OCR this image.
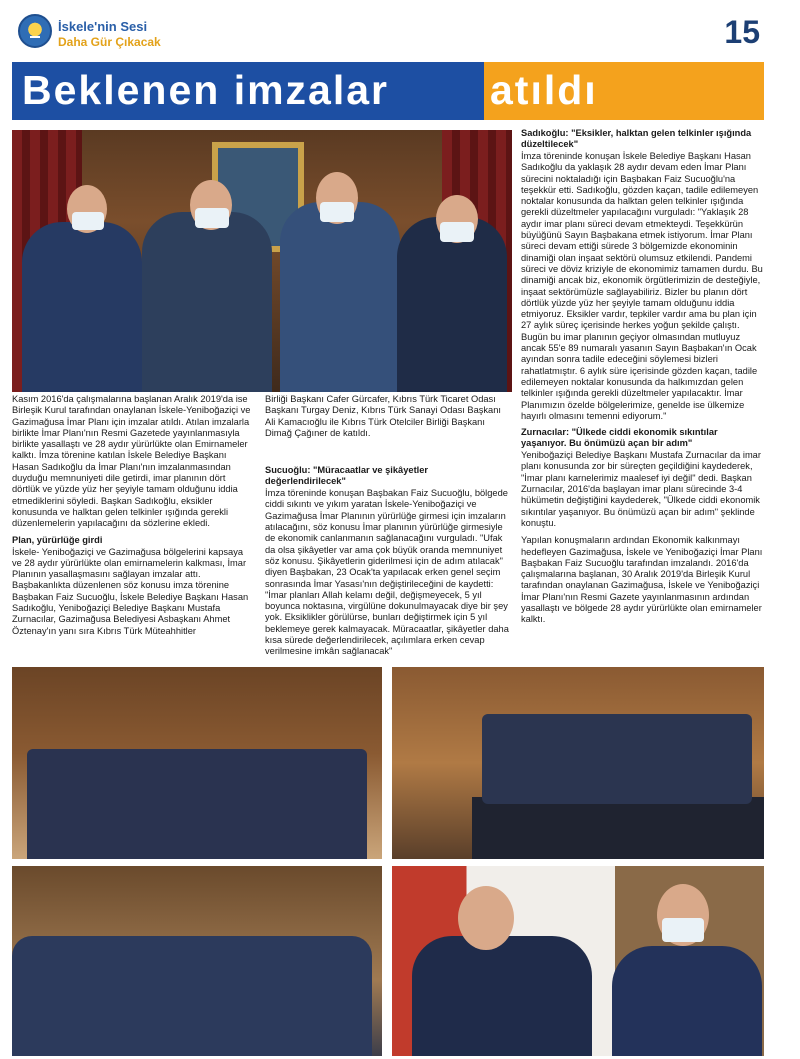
İskele'nin Sesi
Daha Gür Çıkacak	15
Beklenen imzalar atıldı

Kasım 2016'da çalışmalarına başlanan Aralık 2019'da ise Birleşik Kurul tarafından onaylanan İskele-Yeniboğaziçi ve Gazimağusa İmar Planı için imzalar atıldı. Atılan imzalarla birlikte İmar Planı'nın Resmi Gazetede yayınlanmasıyla birlikte yasallaştı ve 28 aydır yürürlükte olan Emirnameler kalktı. İmza törenine katılan İskele Belediye Başkanı Hasan Sadıkoğlu da İmar Planı'nın imzalanmasından duyduğu memnuniyeti dile getirdi, imar planının dört dörtlük ve yüzde yüz her şeyiyle tamam olduğunu iddia etmediklerini söyledi. Başkan Sadıkoğlu, eksikler konusunda ve halktan gelen telkinler ışığında gerekli düzenlemelerin yapılacağını da sözlerine ekledi.

Plan, yürürlüğe girdi

İskele- Yeniboğaziçi ve Gazimağusa bölgelerini kapsaya ve 28 aydır yürürlükte olan emirnamelerin kalkması, İmar Planının yasallaşmasını sağlayan imzalar attı. Başbakanlıkta düzenlenen söz konusu imza törenine Başbakan Faiz Sucuoğlu, İskele Belediye Başkanı Hasan Sadıkoğlu, Yeniboğaziçi Belediye Başkanı Mustafa Zurnacılar, Gazimağusa Belediyesi Asbaşkanı Ahmet Öztenay'ın yanı sıra Kıbrıs Türk Müteahhitler

Birliği Başkanı Cafer Gürcafer, Kıbrıs Türk Ticaret Odası Başkanı Turgay Deniz, Kıbrıs Türk Sanayi Odası Başkanı Ali Kamacıoğlu ile Kıbrıs Türk Otelciler Birliği Başkanı Dimağ Çağıner de katıldı.

Sucuoğlu: "Müracaatlar ve şikâyetler değerlendirilecek"

İmza töreninde konuşan Başbakan Faiz Sucuoğlu, bölgede ciddi sıkıntı ve yıkım yaratan İskele-Yeniboğaziçi ve Gazimağusa İmar Planının yürürlüğe girmesi için imzaların atılacağını, söz konusu İmar planının yürürlüğe girmesiyle de ekonomik canlanmanın sağlanacağını vurguladı. "Ufak da olsa şikâyetler var ama çok büyük oranda memnuniyet söz konusu. Şikâyetlerin giderilmesi için de adım atılacak" diyen Başbakan, 23 Ocak'ta yapılacak erken genel seçim sonrasında İmar Yasası'nın değiştirileceğini de kaydetti: "İmar planları Allah kelamı değil, değişmeyecek, 5 yıl boyunca noktasına, virgülüne dokunulmayacak diye bir şey yok. Eksiklikler görülürse, bunları değiştirmek için 5 yıl beklemeye gerek kalmayacak. Müracaatlar, şikâyetler daha kısa sürede değerlendirilecek, açılımlara erken cevap verilmesine imkân sağlanacak"

Sadıkoğlu: "Eksikler, halktan gelen telkinler ışığında düzeltilecek"

İmza töreninde konuşan İskele Belediye Başkanı Hasan Sadıkoğlu da yaklaşık 28 aydır devam eden İmar Planı sürecini noktaladığı için Başbakan Faiz Sucuoğlu'na teşekkür etti. Sadıkoğlu, gözden kaçan, tadile edilemeyen noktalar konusunda da halktan gelen telkinler ışığında gerekli düzeltmeler yapılacağını vurguladı: "Yaklaşık 28 aydır imar planı süreci devam etmekteydi. Teşekkürün büyüğünü Sayın Başbakana etmek istiyorum. İmar Planı süreci devam ettiği sürede 3 bölgemizde ekonominin dinamiği olan inşaat sektörü olumsuz etkilendi. Pandemi süreci ve döviz kriziyle de ekonomimiz tamamen durdu. Bu dinamiği ancak biz, ekonomik örgütlerimizin de desteğiyle, inşaat sektörümüzle sağlayabiliriz. Bizler bu planın dört dörtlük yüzde yüz her şeyiyle tamam olduğunu iddia etmiyoruz. Eksikler vardır, tepkiler vardır ama bu plan için 27 aylık süreç içerisinde herkes yoğun şekilde çalıştı. Bugün bu imar planının geçiyor olmasından mutluyuz ancak 55'e 89 numaralı yasanın Sayın Başbakan'ın Ocak ayından sonra tadile edeceğini söylemesi bizleri rahatlatmıştır. 6 aylık süre içerisinde gözden kaçan, tadile edilemeyen noktalar konusunda da halkımızdan gelen telkinler ışığında gerekli düzeltmeler yapılacaktır. İmar Planımızın özelde bölgelerimize, genelde ise ülkemize hayırlı olmasını temenni ediyorum."

Zurnacılar: "Ülkede ciddi ekonomik sıkıntılar yaşanıyor. Bu önümüzü açan bir adım"

Yeniboğaziçi Belediye Başkanı Mustafa Zurnacılar da imar planı konusunda zor bir süreçten geçildiğini kaydederek, "İmar planı karnelerimiz maalesef iyi değil" dedi. Başkan Zurnacılar, 2016'da başlayan imar planı sürecinde 3-4 hükümetin değiştiğini kaydederek, "Ülkede ciddi ekonomik sıkıntılar yaşanıyor. Bu önümüzü açan bir adım" şeklinde konuştu.

Yapılan konuşmaların ardından Ekonomik kalkınmayı hedefleyen Gazimağusa, İskele ve Yeniboğaziçi İmar Planı Başbakan Faiz Sucuoğlu tarafından imzalandı. 2016'da çalışmalarına başlanan, 30 Aralık 2019'da Birleşik Kurul tarafından onaylanan Gazimağusa, İskele ve Yeniboğaziçi İmar Planı'nın Resmi Gazete yayınlanmasının ardından yasallaştı ve bölgede 28 aydır yürürlükte olan emirnameler kalktı.
